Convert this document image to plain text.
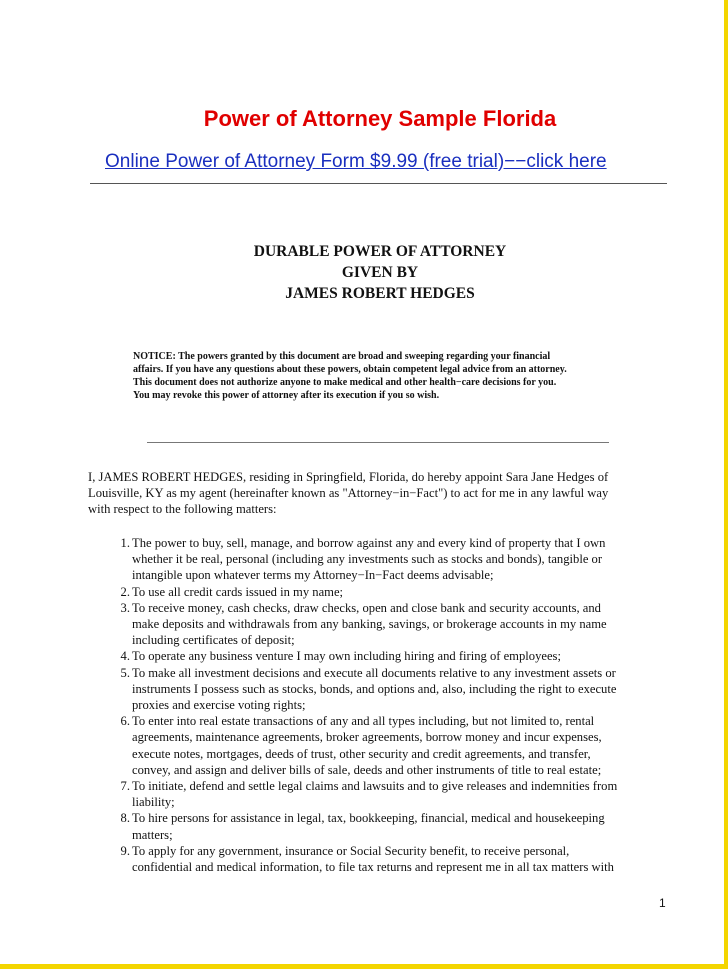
Power of Attorney Sample Florida
Online Power of Attorney Form $9.99 (free trial)−−click here
DURABLE POWER OF ATTORNEY
GIVEN BY
JAMES ROBERT HEDGES
NOTICE: The powers granted by this document are broad and sweeping regarding your financial
affairs. If you have any questions about these powers, obtain competent legal advice from an attorney.
This document does not authorize anyone to make medical and other health−care decisions for you.
You may revoke this power of attorney after its execution if you so wish.
I, JAMES ROBERT HEDGES, residing in Springfield, Florida, do hereby appoint Sara Jane Hedges of
Louisville, KY as my agent (hereinafter known as "Attorney−in−Fact") to act for me in any lawful way
with respect to the following matters:
1. The power to buy, sell, manage, and borrow against any and every kind of property that I own
whether it be real, personal (including any investments such as stocks and bonds), tangible or
intangible upon whatever terms my Attorney−In−Fact deems advisable;
2. To use all credit cards issued in my name;
3. To receive money, cash checks, draw checks, open and close bank and security accounts, and
make deposits and withdrawals from any banking, savings, or brokerage accounts in my name
including certificates of deposit;
4. To operate any business venture I may own including hiring and firing of employees;
5. To make all investment decisions and execute all documents relative to any investment assets or
instruments I possess such as stocks, bonds, and options and, also, including the right to execute
proxies and exercise voting rights;
6. To enter into real estate transactions of any and all types including, but not limited to, rental
agreements, maintenance agreements, broker agreements, borrow money and incur expenses,
execute notes, mortgages, deeds of trust, other security and credit agreements, and transfer,
convey, and assign and deliver bills of sale, deeds and other instruments of title to real estate;
7. To initiate, defend and settle legal claims and lawsuits and to give releases and indemnities from
liability;
8. To hire persons for assistance in legal, tax, bookkeeping, financial, medical and housekeeping
matters;
9. To apply for any government, insurance or Social Security benefit, to receive personal,
confidential and medical information, to file tax returns and represent me in all tax matters with
1
